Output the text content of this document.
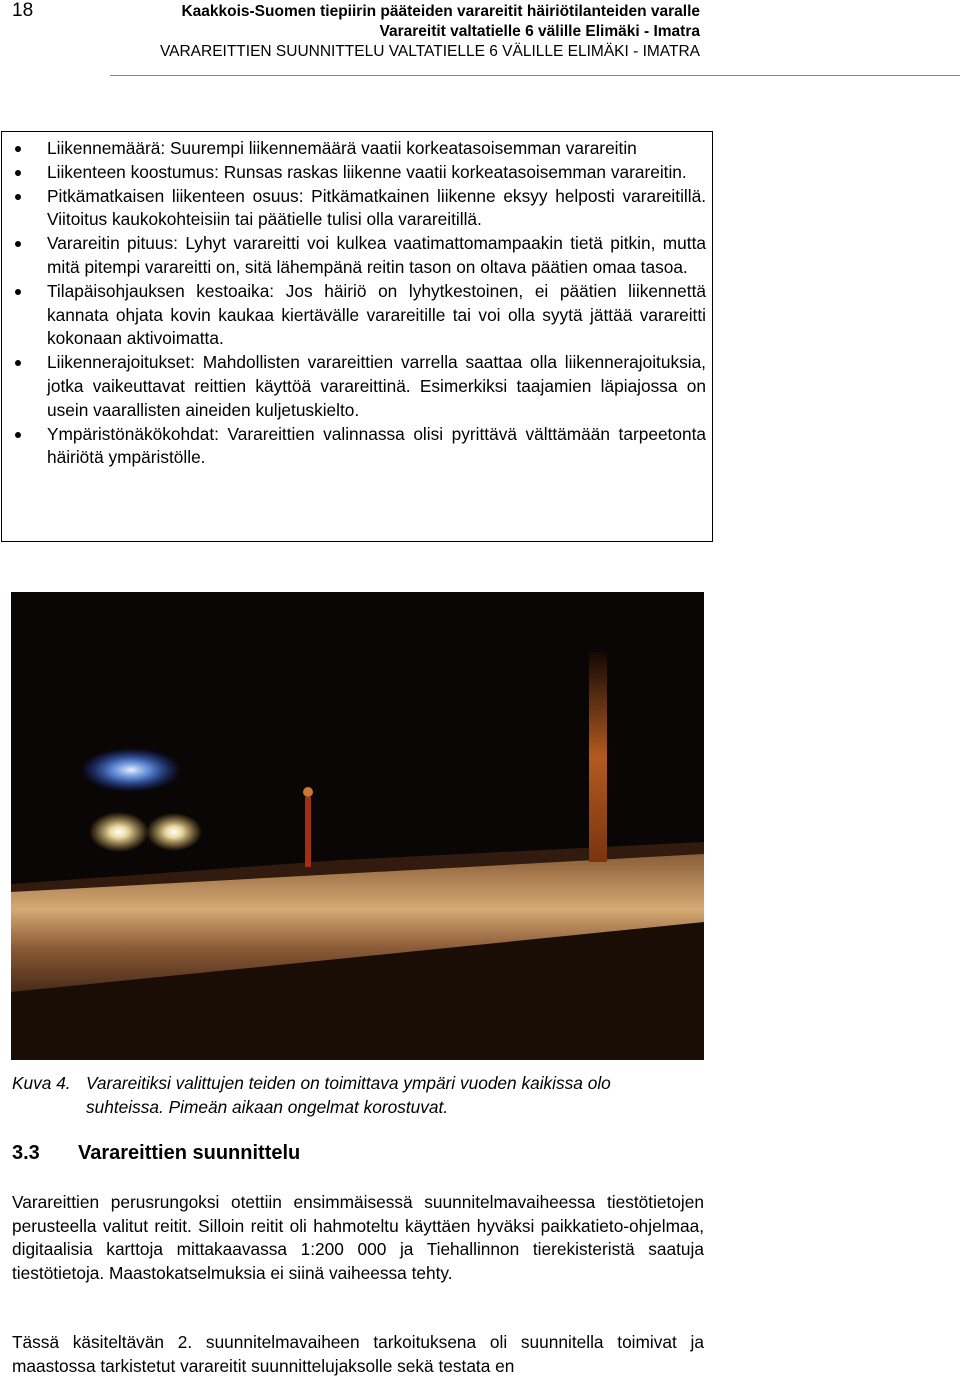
18	Kaakkois-Suomen tiepiirin pääteiden varareitit häiriötilanteiden varalle
Varareitit valtatielle 6 välille Elimäki - Imatra
VARAREITTIEN SUUNNITTELU VALTATIELLE 6 VÄLILLE ELIMÄKI - IMATRA
Liikennemäärä: Suurempi liikennemäärä vaatii korkeatasoisemman varareitin
Liikenteen koostumus: Runsas raskas liikenne vaatii korkeatasoisemman varareitin.
Pitkämatkaisen liikenteen osuus: Pitkämatkainen liikenne eksyy helposti varareitillä. Viitoitus kaukokohteisiin tai päätielle tulisi olla varareitillä.
Varareitin pituus: Lyhyt varareitti voi kulkea vaatimattomampaakin tietä pitkin, mutta mitä pitempi varareitti on, sitä lähempänä reitin tason on oltava päätien omaa tasoa.
Tilapäisohjauksen kestoaika: Jos häiriö on lyhytkestoinen, ei päätien liikennettä kannata ohjata kovin kaukaa kiertävälle varareitille tai voi olla syytä jättää varareitti kokonaan aktivoimatta.
Liikennerajoitukset: Mahdollisten varareittien varrella saattaa olla liikennerajoituksia, jotka vaikeuttavat reittien käyttöä varareittinä. Esimerkiksi taajamien läpiajossa on usein vaarallisten aineiden kuljetuskielto.
Ympäristönäkökohdat: Varareittien valinnassa olisi pyrittävä välttämään tarpeetonta häiriötä ympäristölle.
Kuva 4. Varareitiksi valittujen teiden on toimittava ympäri vuoden kaikissa olo
suhteissa. Pimeän aikaan ongelmat korostuvat.
3.3 Varareittien suunnittelu
Varareittien perusrungoksi otettiin ensimmäisessä suunnitelmavaiheessa tiestötietojen perusteella valitut reitit. Silloin reitit oli hahmoteltu käyttäen hyväksi paikkatieto-ohjelmaa, digitaalisia karttoja mittakaavassa 1:200 000 ja Tiehallinnon tierekisteristä saatuja tiestötietoja. Maastokatselmuksia ei siinä vaiheessa tehty.
Tässä käsiteltävän 2. suunnitelmavaiheen tarkoituksena oli suunnitella toimivat ja maastossa tarkistetut varareitit suunnittelujaksolle sekä testata en
